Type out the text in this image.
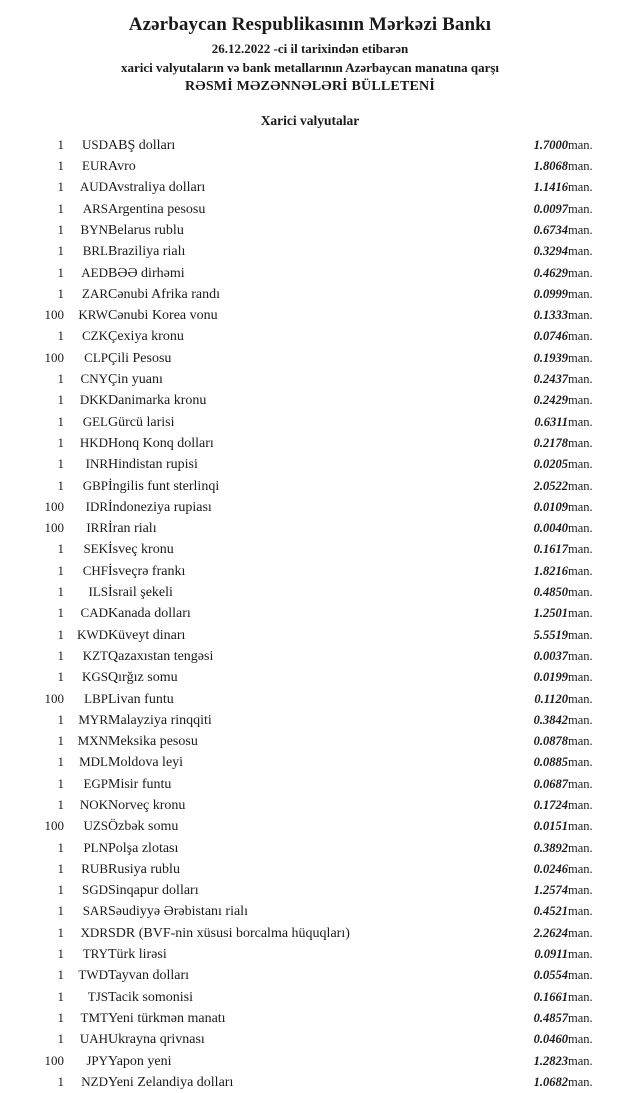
Azərbaycan Respublikasının Mərkəzi Bankı
26.12.2022 -ci il tarixindən etibarən
xarici valyutaların və bank metallarının Azərbaycan manatına qarşı
RƏSMİ MƏZƏNNƏLƏRİ BÜLLETENİ
Xarici valyutalar
1	USD	ABŞ dolları	1.7000	man.
1	EUR	Avro	1.8068	man.
1	AUD	Avstraliya dolları	1.1416	man.
1	ARS	Argentina pesosu	0.0097	man.
1	BYN	Belarus rublu	0.6734	man.
1	BRL	Braziliya rialı	0.3294	man.
1	AED	BƏƏ dirhəmi	0.4629	man.
1	ZAR	Cənubi Afrika randı	0.0999	man.
100	KRW	Cənubi Korea vonu	0.1333	man.
1	CZK	Çexiya kronu	0.0746	man.
100	CLP	Çili Pesosu	0.1939	man.
1	CNY	Çin yuanı	0.2437	man.
1	DKK	Danimarka kronu	0.2429	man.
1	GEL	Gürcü larisi	0.6311	man.
1	HKD	Honq Konq dolları	0.2178	man.
1	INR	Hindistan rupisi	0.0205	man.
1	GBP	İngilis funt sterlinqi	2.0522	man.
100	IDR	İndoneziya rupiası	0.0109	man.
100	IRR	İran rialı	0.0040	man.
1	SEK	İsveç kronu	0.1617	man.
1	CHF	İsveçrə frankı	1.8216	man.
1	ILS	İsrail şekeli	0.4850	man.
1	CAD	Kanada dolları	1.2501	man.
1	KWD	Küveyt dinarı	5.5519	man.
1	KZT	Qazaxıstan tengəsi	0.0037	man.
1	KGS	Qırğız somu	0.0199	man.
100	LBP	Livan funtu	0.1120	man.
1	MYR	Malayziya rinqqiti	0.3842	man.
1	MXN	Meksika pesosu	0.0878	man.
1	MDL	Moldova leyi	0.0885	man.
1	EGP	Misir funtu	0.0687	man.
1	NOK	Norveç kronu	0.1724	man.
100	UZS	Özbək somu	0.0151	man.
1	PLN	Polşa zlotası	0.3892	man.
1	RUB	Rusiya rublu	0.0246	man.
1	SGD	Sinqapur dolları	1.2574	man.
1	SAR	Səudiyyə Ərəbistanı rialı	0.4521	man.
1	XDR	SDR (BVF-nin xüsusi borcalma hüquqları)	2.2624	man.
1	TRY	Türk lirəsi	0.0911	man.
1	TWD	Tayvan dolları	0.0554	man.
1	TJS	Tacik somonisi	0.1661	man.
1	TMT	Yeni türkmən manatı	0.4857	man.
1	UAH	Ukrayna qrivnası	0.0460	man.
100	JPY	Yapon yeni	1.2823	man.
1	NZD	Yeni Zelandiya dolları	1.0682	man.
